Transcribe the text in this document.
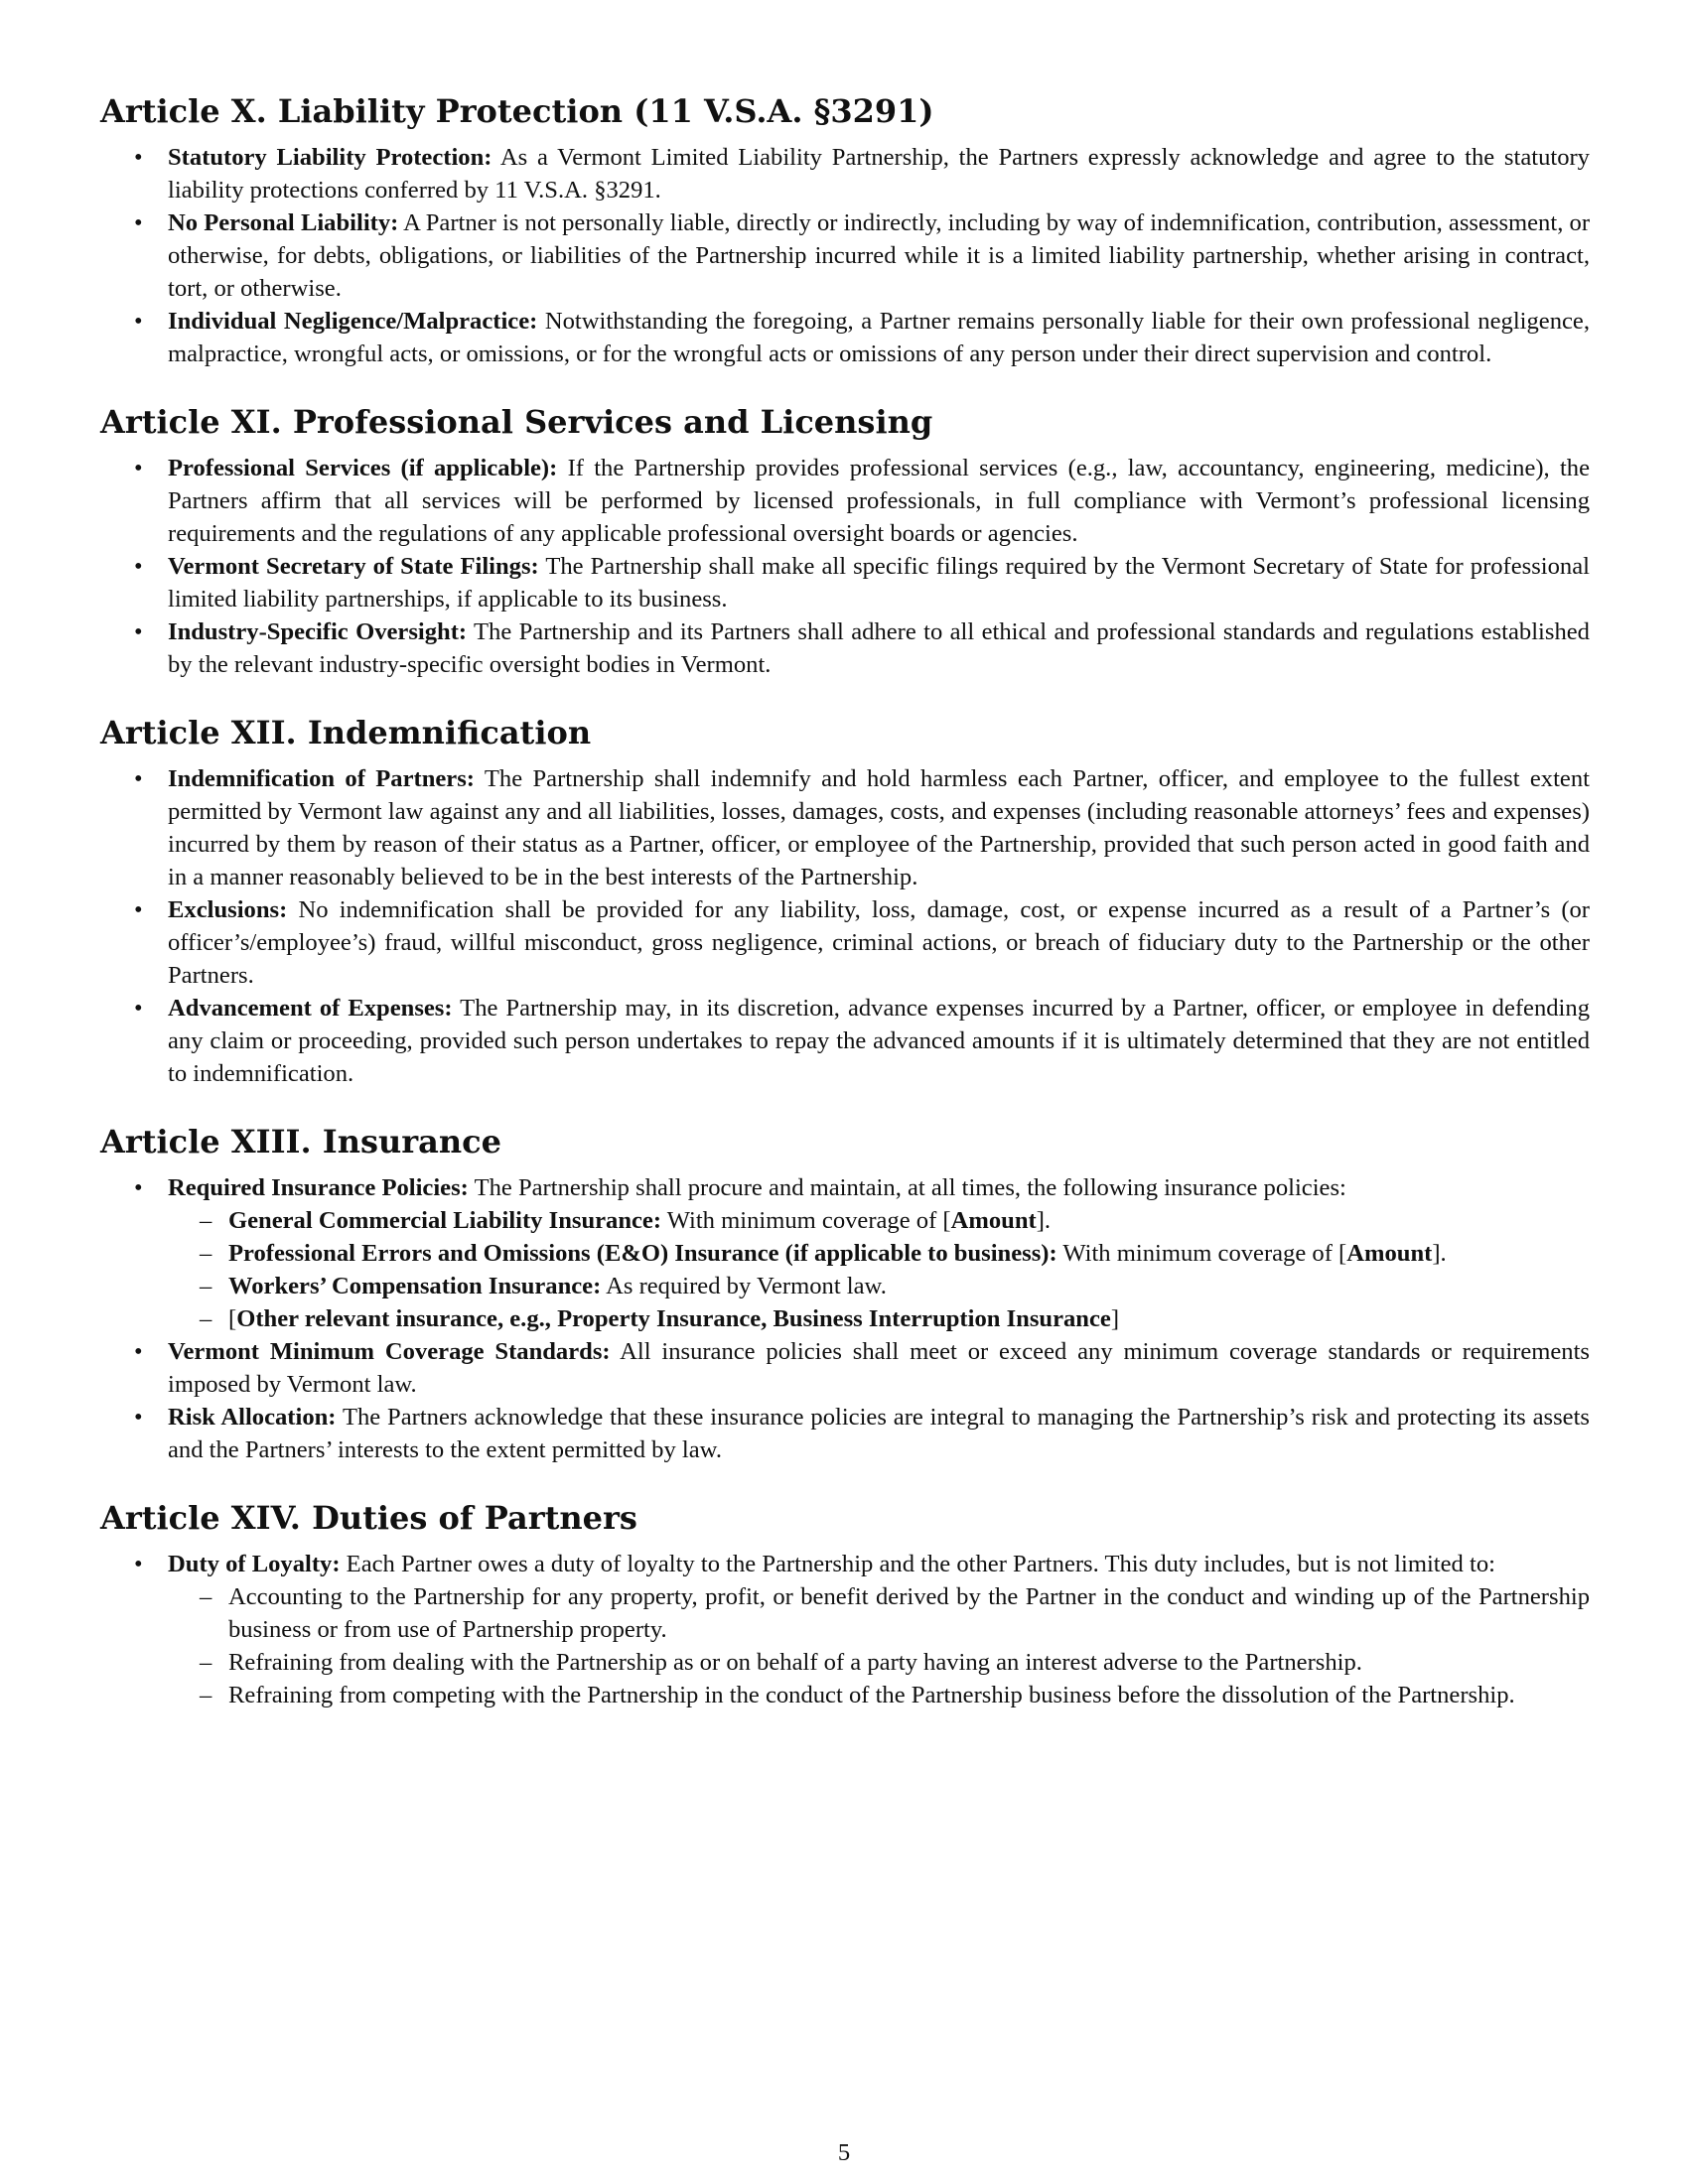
Article X. Liability Protection (11 V.S.A. §3291)
• Statutory Liability Protection: As a Vermont Limited Liability Partnership, the Partners expressly acknowledge and agree to the statutory liability protections conferred by 11 V.S.A. §3291.
• No Personal Liability: A Partner is not personally liable, directly or indirectly, including by way of indemnification, contribution, assessment, or otherwise, for debts, obligations, or liabilities of the Partnership incurred while it is a limited liability partnership, whether arising in contract, tort, or otherwise.
• Individual Negligence/Malpractice: Notwithstanding the foregoing, a Partner remains personally liable for their own professional negligence, malpractice, wrongful acts, or omissions, or for the wrongful acts or omissions of any person under their direct supervision and control.
Article XI. Professional Services and Licensing
• Professional Services (if applicable): If the Partnership provides professional services (e.g., law, accountancy, engineering, medicine), the Partners affirm that all services will be performed by licensed professionals, in full compliance with Vermont’s professional licensing requirements and the regulations of any applicable professional oversight boards or agencies.
• Vermont Secretary of State Filings: The Partnership shall make all specific filings required by the Vermont Secretary of State for professional limited liability partnerships, if applicable to its business.
• Industry-Specific Oversight: The Partnership and its Partners shall adhere to all ethical and professional standards and regulations established by the relevant industry-specific oversight bodies in Vermont.
Article XII. Indemnification
• Indemnification of Partners: The Partnership shall indemnify and hold harmless each Partner, officer, and employee to the fullest extent permitted by Vermont law against any and all liabilities, losses, damages, costs, and expenses (including reasonable attorneys’ fees and expenses) incurred by them by reason of their status as a Partner, officer, or employee of the Partnership, provided that such person acted in good faith and in a manner reasonably believed to be in the best interests of the Partnership.
• Exclusions: No indemnification shall be provided for any liability, loss, damage, cost, or expense incurred as a result of a Partner’s (or officer’s/employee’s) fraud, willful misconduct, gross negligence, criminal actions, or breach of fiduciary duty to the Partnership or the other Partners.
• Advancement of Expenses: The Partnership may, in its discretion, advance expenses incurred by a Partner, officer, or employee in defending any claim or proceeding, provided such person undertakes to repay the advanced amounts if it is ultimately determined that they are not entitled to indemnification.
Article XIII. Insurance
• Required Insurance Policies: The Partnership shall procure and maintain, at all times, the following insurance policies:
– General Commercial Liability Insurance: With minimum coverage of [Amount].
– Professional Errors and Omissions (E&O) Insurance (if applicable to business): With minimum coverage of [Amount].
– Workers’ Compensation Insurance: As required by Vermont law.
– [Other relevant insurance, e.g., Property Insurance, Business Interruption Insurance]
• Vermont Minimum Coverage Standards: All insurance policies shall meet or exceed any minimum coverage standards or requirements imposed by Vermont law.
• Risk Allocation: The Partners acknowledge that these insurance policies are integral to managing the Partnership’s risk and protecting its assets and the Partners’ interests to the extent permitted by law.
Article XIV. Duties of Partners
• Duty of Loyalty: Each Partner owes a duty of loyalty to the Partnership and the other Partners. This duty includes, but is not limited to:
– Accounting to the Partnership for any property, profit, or benefit derived by the Partner in the conduct and winding up of the Partnership business or from use of Partnership property.
– Refraining from dealing with the Partnership as or on behalf of a party having an interest adverse to the Partnership.
– Refraining from competing with the Partnership in the conduct of the Partnership business before the dissolution of the Partnership.
5
